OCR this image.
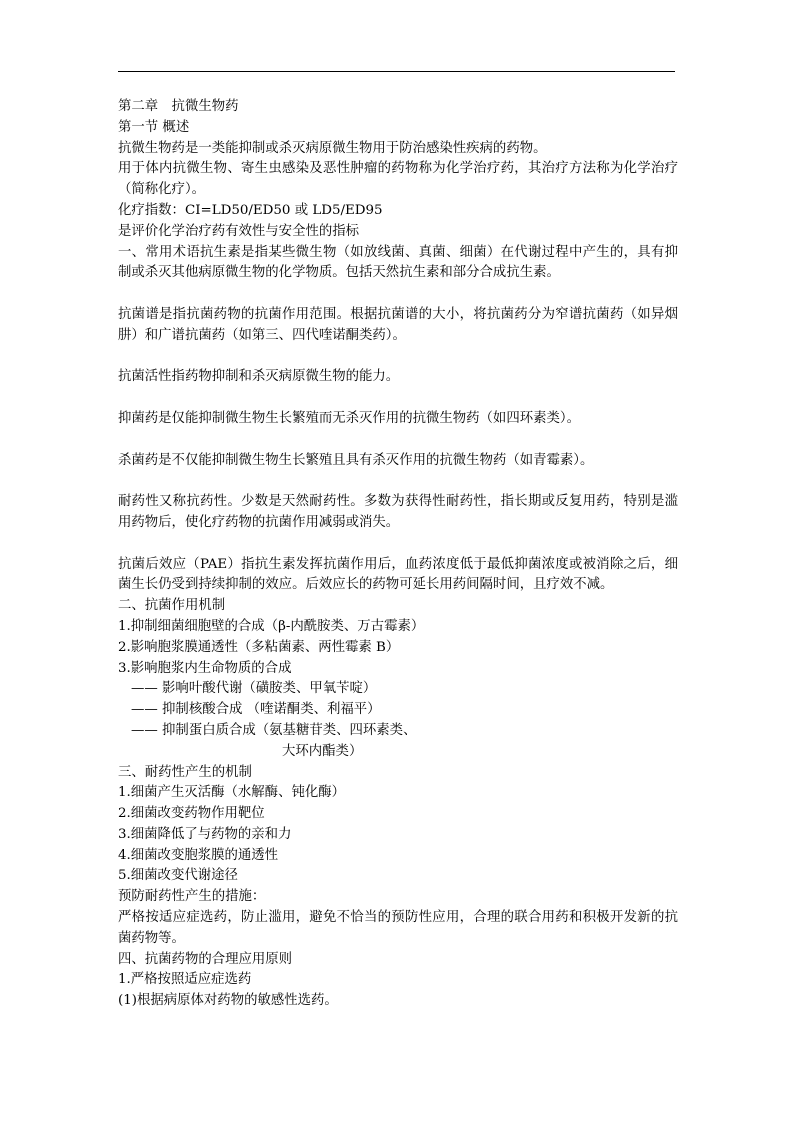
第二章　抗微生物药
第一节 概述
抗微生物药是一类能抑制或杀灭病原微生物用于防治感染性疾病的药物。
用于体内抗微生物、寄生虫感染及恶性肿瘤的药物称为化学治疗药，其治疗方法称为化学治疗（简称化疗）。
化疗指数：CI=LD50/ED50 或 LD5/ED95
是评价化学治疗药有效性与安全性的指标
一、常用术语抗生素是指某些微生物（如放线菌、真菌、细菌）在代谢过程中产生的，具有抑制或杀灭其他病原微生物的化学物质。包括天然抗生素和部分合成抗生素。
抗菌谱是指抗菌药物的抗菌作用范围。根据抗菌谱的大小，将抗菌药分为窄谱抗菌药（如异烟肼）和广谱抗菌药（如第三、四代喹诺酮类药）。
抗菌活性指药物抑制和杀灭病原微生物的能力。
抑菌药是仅能抑制微生物生长繁殖而无杀灭作用的抗微生物药（如四环素类）。
杀菌药是不仅能抑制微生物生长繁殖且具有杀灭作用的抗微生物药（如青霉素）。
耐药性又称抗药性。少数是天然耐药性。多数为获得性耐药性，指长期或反复用药，特别是滥用药物后，使化疗药物的抗菌作用减弱或消失。
抗菌后效应（PAE）指抗生素发挥抗菌作用后，血药浓度低于最低抑菌浓度或被消除之后，细菌生长仍受到持续抑制的效应。后效应长的药物可延长用药间隔时间，且疗效不减。
二、抗菌作用机制
1.抑制细菌细胞壁的合成（β-内酰胺类、万古霉素）
2.影响胞浆膜通透性（多粘菌素、两性霉素 B）
3.影响胞浆内生命物质的合成
—— 影响叶酸代谢（磺胺类、甲氧苄啶）
—— 抑制核酸合成 （喹诺酮类、利福平）
—— 抑制蛋白质合成（氨基糖苷类、四环素类、
大环内酯类）
三、耐药性产生的机制
1.细菌产生灭活酶（水解酶、钝化酶）
2.细菌改变药物作用靶位
3.细菌降低了与药物的亲和力
4.细菌改变胞浆膜的通透性
5.细菌改变代谢途径
预防耐药性产生的措施：
严格按适应症选药，防止滥用，避免不恰当的预防性应用，合理的联合用药和积极开发新的抗菌药物等。
四、抗菌药物的合理应用原则
1.严格按照适应症选药
(1)根据病原体对药物的敏感性选药。
